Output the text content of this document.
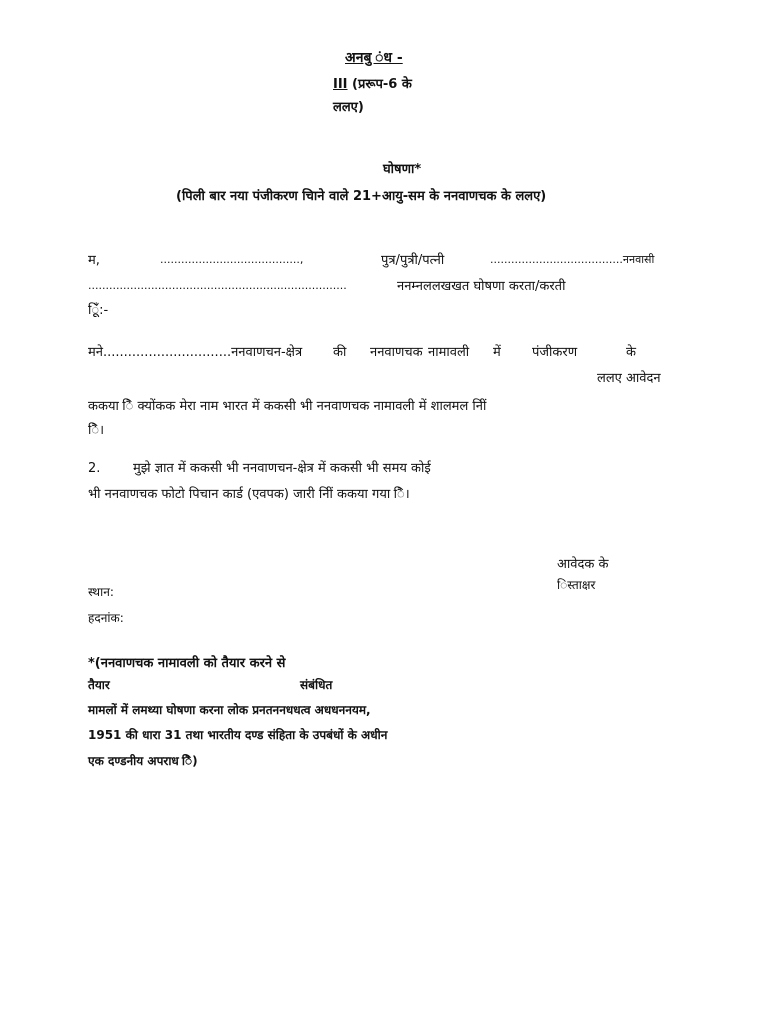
अनबु ंध -
III (प्ररूप-6 के
ललए)
घोषणा*
(पिली बार नया पंजीकरण चािने वाले 21+आयु-सम के ननवाणचक के ललए)
म,	........................................,	पुत्र/पुत्री/पत्नी	......................................ननवासी
..........................................................................	ननम्नललखखत घोषणा करता/करती
िूूँ:-
मने...............................ननवाणचन-क्षेत्र की ननवाणचक नामावली में पंजीकरण	के
ललए आवेदन
ककया िै क्योंकक मेरा नाम भारत में ककसी भी ननवाणचक नामावली में शालमल निीं
िै।
2.	मुझे ज्ञात में ककसी भी ननवाणचन-क्षेत्र में ककसी भी समय कोई
भी ननवाणचक फोटो पिचान कार्ड (एवपक) जारी निीं ककया गया िै।
आवेदक के
िस्ताक्षर
स्थान:
हदनांक:
*(ननवाणचक नामावली को तैयार करने से
तैयार	संबंधित
मामलों में लमथ्या घोषणा करना लोक प्रनतननधधत्व अधधननयम,
1951 की धारा 31 तथा भारतीय दण्ड संहिता के उपबंधों के अधीन
एक दण्डनीय अपराध िै)
